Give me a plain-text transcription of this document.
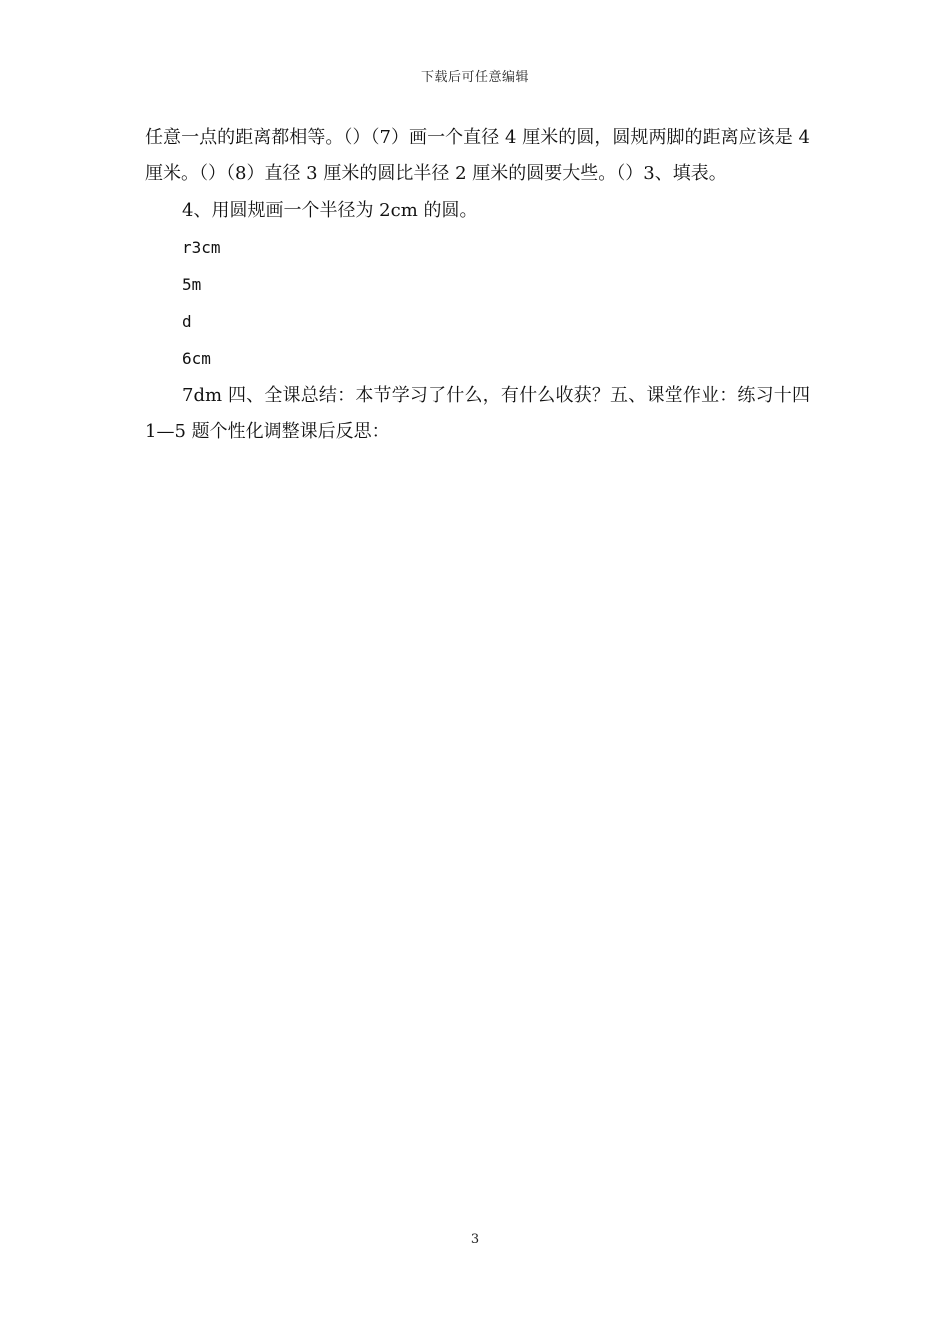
下载后可任意编辑

任意一点的距离都相等。（）（7）画一个直径 4 厘米的圆，圆规两脚的距离应该是 4 厘米。（）（8）直径 3 厘米的圆比半径 2 厘米的圆要大些。（）3、填表。

4、用圆规画一个半径为 2cm 的圆。

r3cm

5m

d

6cm

7dm 四、全课总结：本节学习了什么，有什么收获？五、课堂作业：练习十四 1—5 题个性化调整课后反思：

3
